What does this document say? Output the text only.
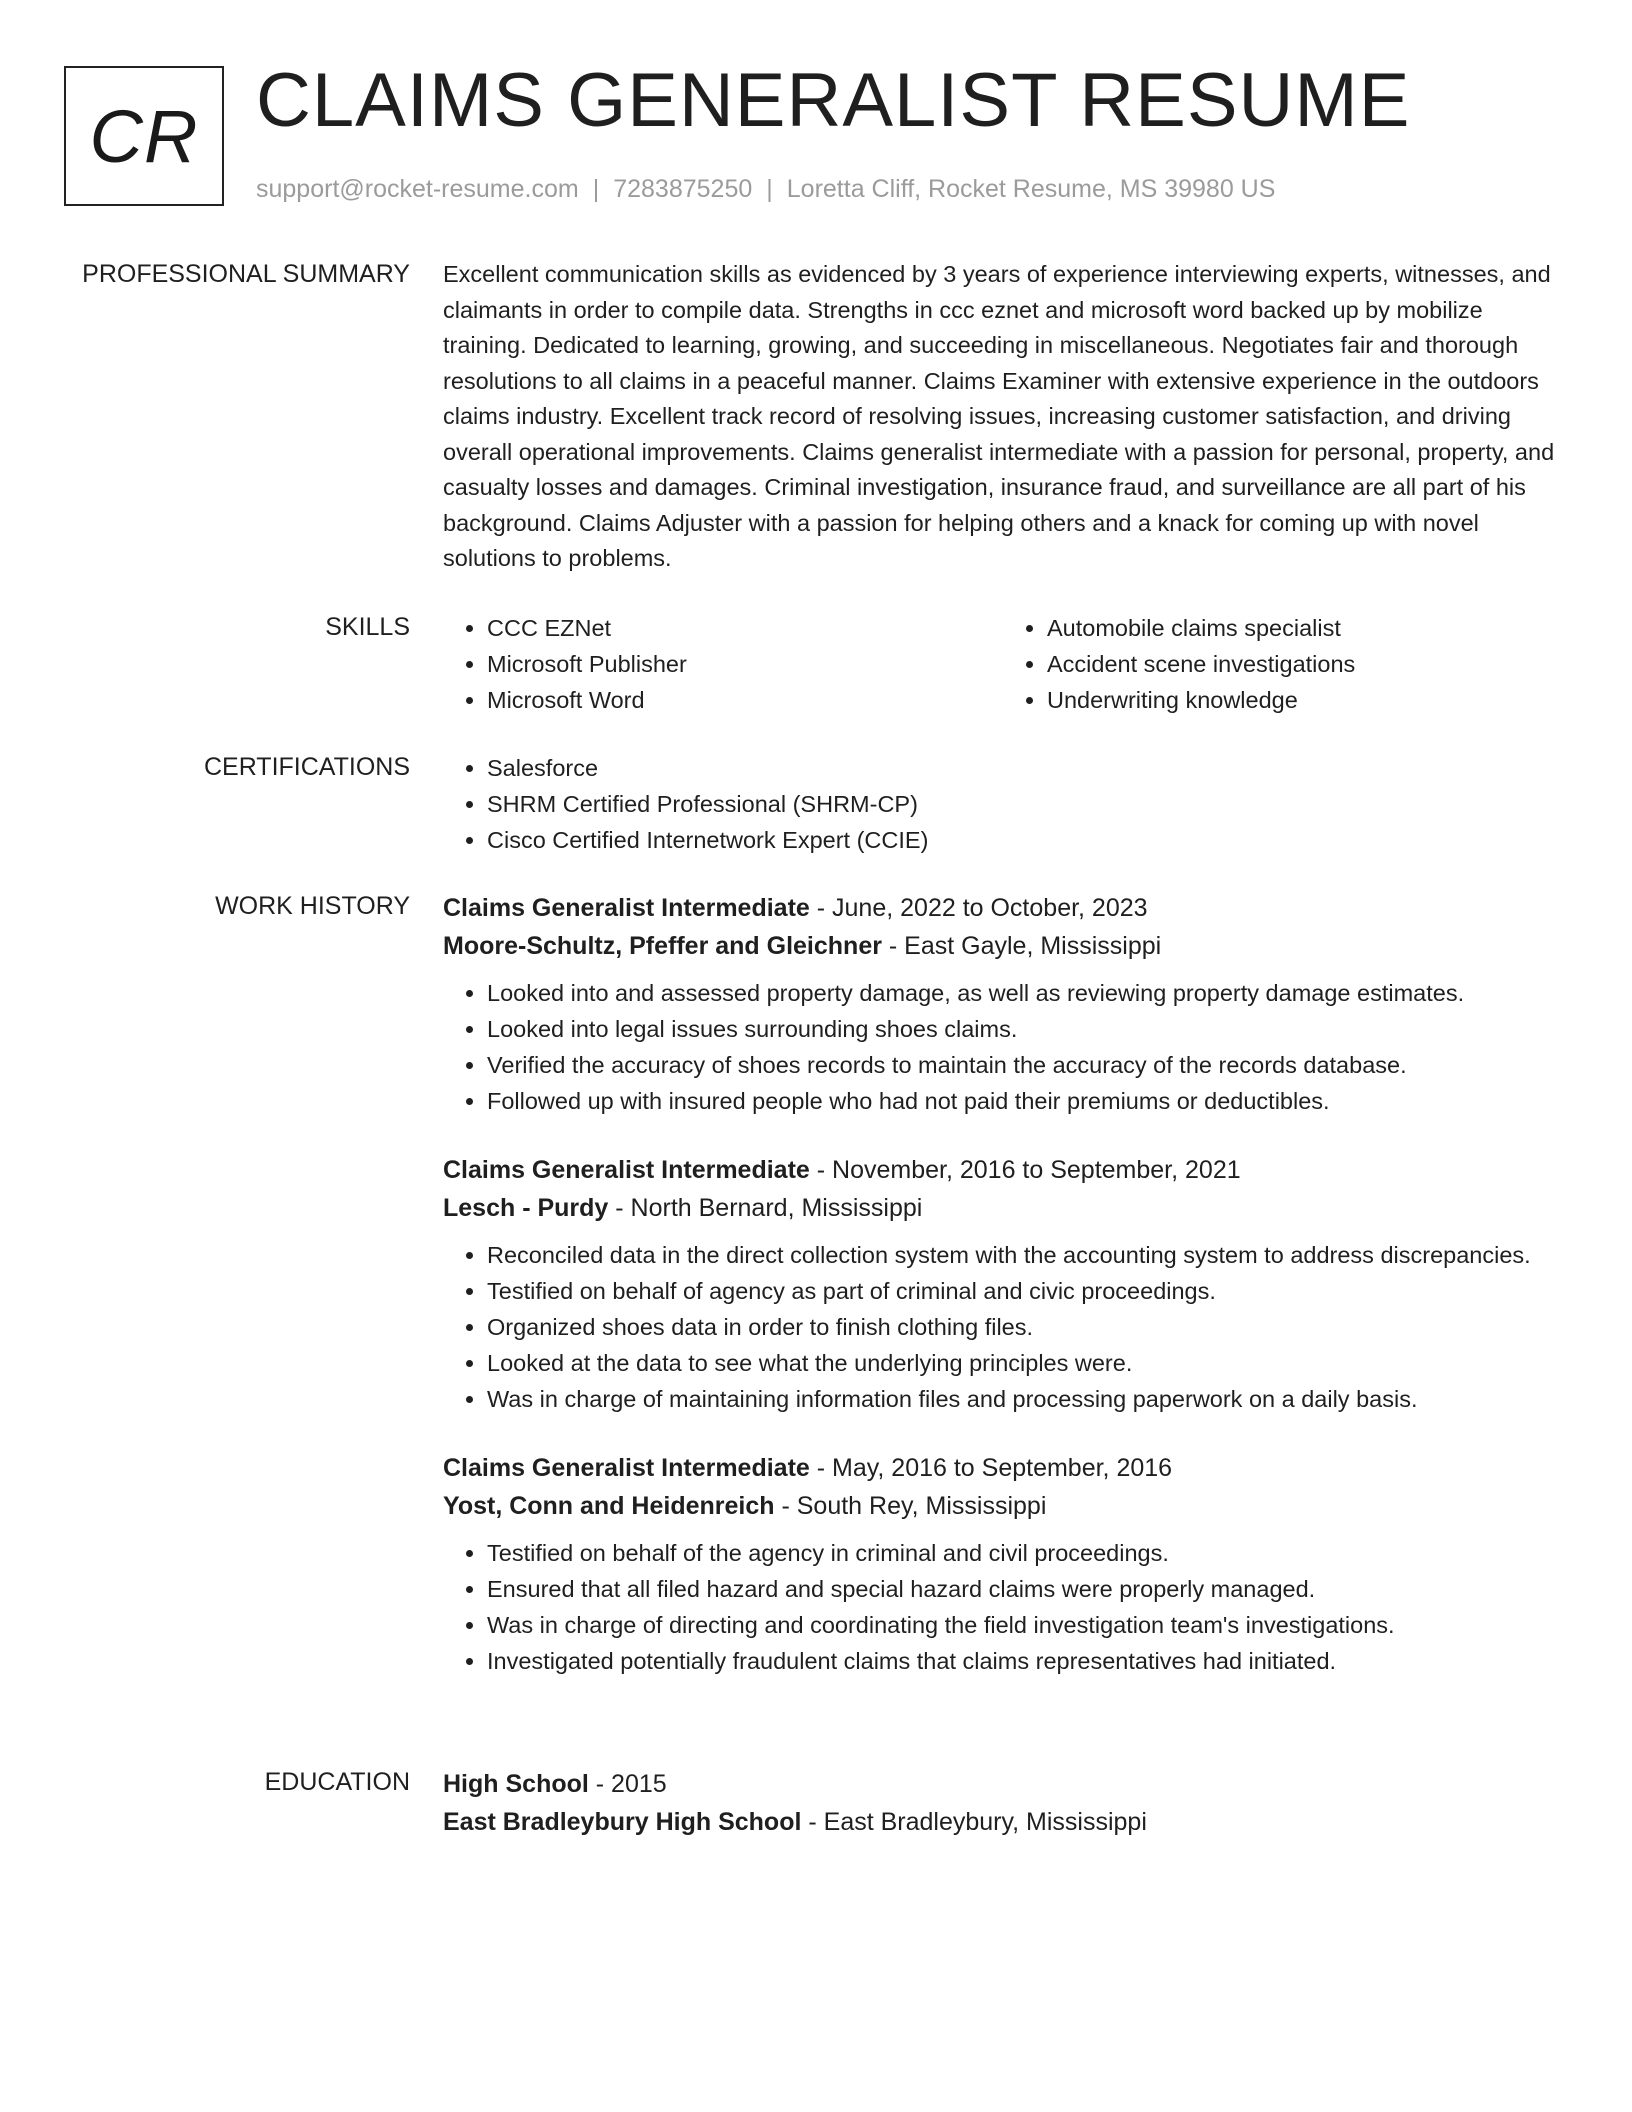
CR CLAIMS GENERALIST RESUME
support@rocket-resume.com | 7283875250 | Loretta Cliff, Rocket Resume, MS 39980 US
PROFESSIONAL SUMMARY Excellent communication skills as evidenced by 3 years of experience interviewing experts, witnesses, and claimants in order to compile data. Strengths in ccc eznet and microsoft word backed up by mobilize training. Dedicated to learning, growing, and succeeding in miscellaneous. Negotiates fair and thorough resolutions to all claims in a peaceful manner. Claims Examiner with extensive experience in the outdoors claims industry. Excellent track record of resolving issues, increasing customer satisfaction, and driving overall operational improvements. Claims generalist intermediate with a passion for personal, property, and casualty losses and damages. Criminal investigation, insurance fraud, and surveillance are all part of his background. Claims Adjuster with a passion for helping others and a knack for coming up with novel solutions to problems.

SKILLS	• CCC EZNet
• Microsoft Publisher
• Microsoft Word
• Automobile claims specialist
• Accident scene investigations
• Underwriting knowledge
CERTIFICATIONS	• Salesforce
• SHRM Certified Professional (SHRM-CP)
• Cisco Certified Internetwork Expert (CCIE)
WORK HISTORY Claims Generalist Intermediate - June, 2022 to October, 2023
Moore-Schultz, Pfeffer and Gleichner - East Gayle, Mississippi
• Looked into and assessed property damage, as well as reviewing property damage estimates.
• Looked into legal issues surrounding shoes claims.
• Verified the accuracy of shoes records to maintain the accuracy of the records database.
• Followed up with insured people who had not paid their premiums or deductibles.
Claims Generalist Intermediate - November, 2016 to September, 2021
Lesch - Purdy - North Bernard, Mississippi
• Reconciled data in the direct collection system with the accounting system to address discrepancies.
• Testified on behalf of agency as part of criminal and civic proceedings.
• Organized shoes data in order to finish clothing files.
• Looked at the data to see what the underlying principles were.
• Was in charge of maintaining information files and processing paperwork on a daily basis.
Claims Generalist Intermediate - May, 2016 to September, 2016
Yost, Conn and Heidenreich - South Rey, Mississippi
• Testified on behalf of the agency in criminal and civil proceedings.
• Ensured that all filed hazard and special hazard claims were properly managed.
• Was in charge of directing and coordinating the field investigation team's investigations.
• Investigated potentially fraudulent claims that claims representatives had initiated.
EDUCATION High School - 2015
East Bradleybury High School - East Bradleybury, Mississippi
